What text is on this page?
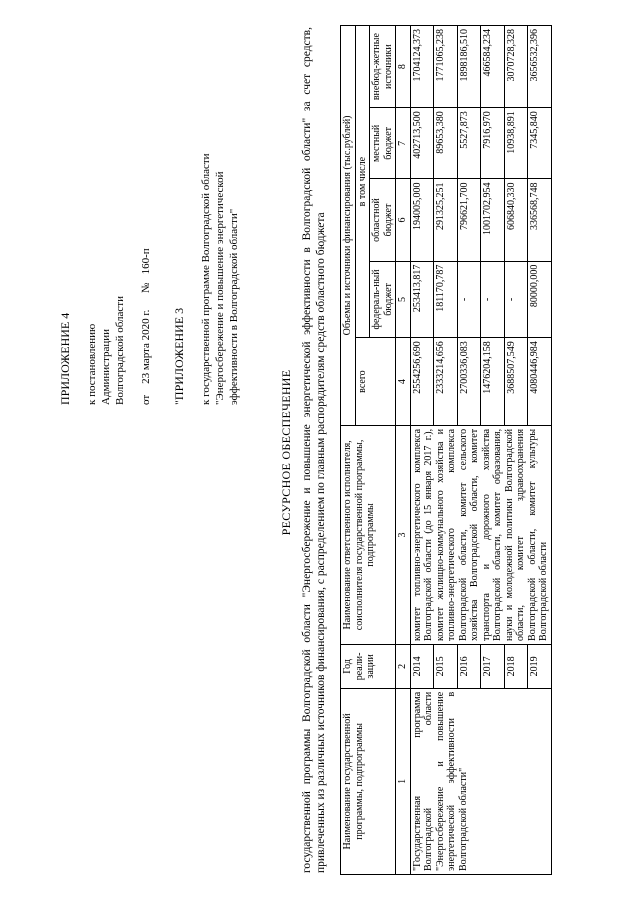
ПРИЛОЖЕНИЕ 4 к постановлению Администрации Волгоградской области от    23 марта 2020 г.      №   160-п
"ПРИЛОЖЕНИЕ 3 к государственной программе Волгоградской области "Энергосбережение и повышение энергетической эффективности в Волгоградской области"
РЕСУРСНОЕ ОБЕСПЕЧЕНИЕ государственной программы Волгоградской области "Энергосбережение и повышение энергетической эффективности в Волгоградской области" за счет средств, привлеченных из различных источников финансирования, с распределением по главным распорядителям средств областного бюджета Наименование государственной программы, подпрограммы	Год реали-зации	Наименование ответственного исполнителя, соисполнителя государственной программы, подпрограммы	Объемы и источники финансирования (тыс.рублей)				
			всего	в том числе			
				федераль-ный бюджет	областной бюджет	местный бюджет	внебюд-жетные источники
1	2	3	4	5	6	7	8
"Государственная программа Волгоградской области "Энергосбережение и повышение энергетической эффективности в Волгоградской области"	2014	комитет топливно-энергетического комплекса Волгоградской области (до 15 января 2017 г.), комитет жилищно-коммунального хозяйства и топливно-энергетического комплекса Волгоградской области, комитет сельского хозяйства Волгоградской области, комитет транспорта и дорожного хозяйства Волгоградской области, комитет образования, науки и молодежной политики Волгоградской области, комитет здравоохранения Волгоградской области, комитет культуры Волгоградской области	2554256,690	253413,817	194005,000	402713,500	1704124,373
	2015		2333214,656	181170,787	291325,251	89653,380	1771065,238
	2016		2700336,083	-	796621,700	5527,873	1898186,510
	2017		1476204,158	-	1001702,954	7916,970	466584,234
	2018		3688507,549	-	606840,330	10938,891	3070728,328
	2019		4080446,984	80000,000	336568,748	7345,840	3656532,396
